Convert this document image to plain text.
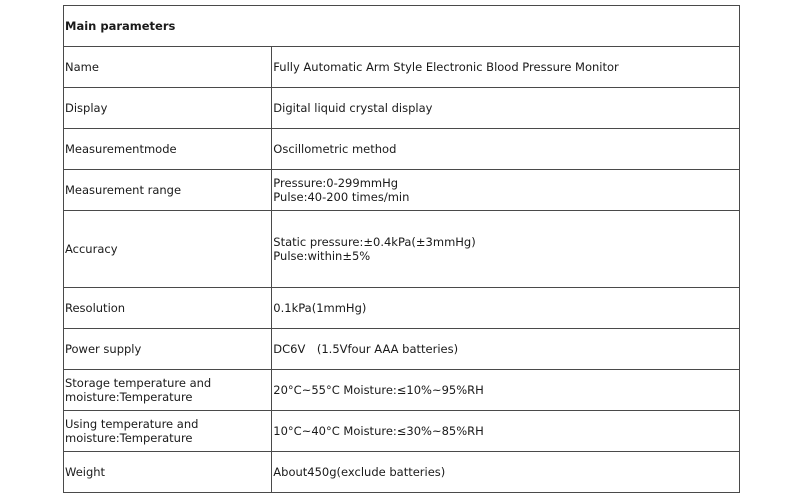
Main parameters	

Name	Fully Automatic Arm Style Electronic Blood Pressure Monitor

Display	Digital liquid crystal display

Measurementmode	Oscillometric method

Measurement range	Pressure:0-299mmHg
Pulse:40-200 times/min

Accuracy	Static pressure:±0.4kPa(±3mmHg)
Pulse:within±5%

Resolution	0.1kPa(1mmHg)

Power supply	DC6V　(1.5Vfour AAA batteries)

Storage temperature and
moisture:Temperature	20°C~55°C Moisture:≤10%~95%RH

Using temperature and
moisture:Temperature	10°C~40°C Moisture:≤30%~85%RH

Weight	About450g(exclude batteries)
